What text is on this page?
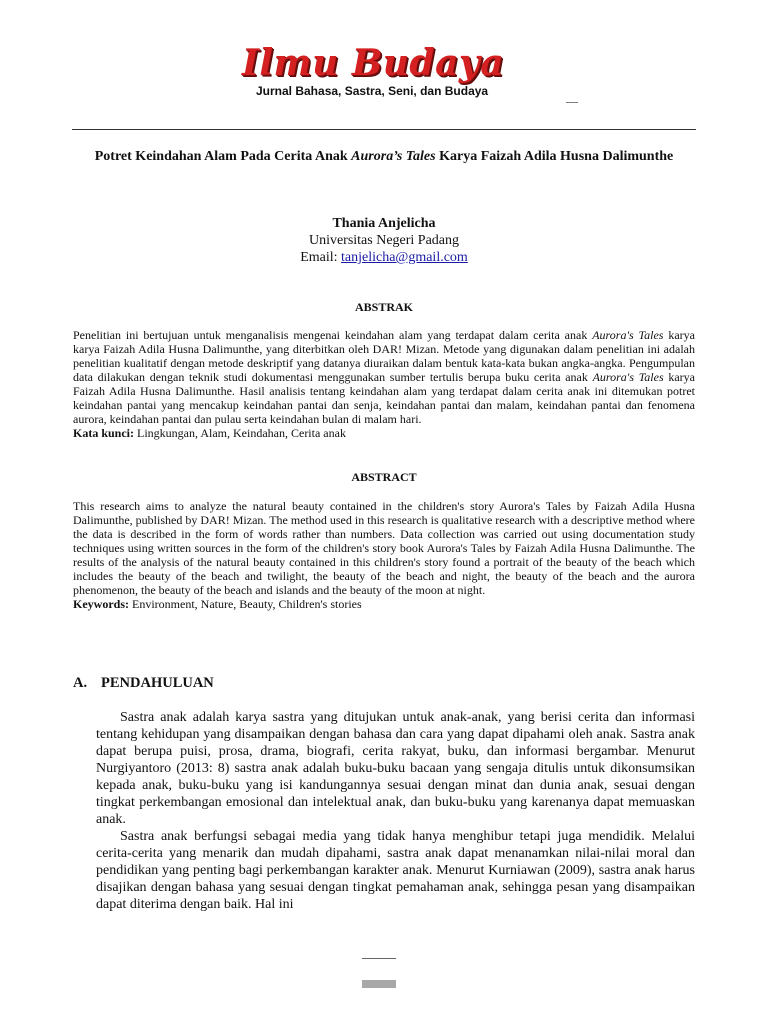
Ilmu Budaya
Jurnal Bahasa, Sastra, Seni, dan Budaya
—
Potret Keindahan Alam Pada Cerita Anak Aurora’s Tales Karya Faizah Adila Husna Dalimunthe
Thania Anjelicha
Universitas Negeri Padang
Email: tanjelicha@gmail.com
ABSTRAK
Penelitian ini bertujuan untuk menganalisis mengenai keindahan alam yang terdapat dalam cerita anak Aurora's Tales karya karya Faizah Adila Husna Dalimunthe, yang diterbitkan oleh DAR! Mizan. Metode yang digunakan dalam penelitian ini adalah penelitian kualitatif dengan metode deskriptif yang datanya diuraikan dalam bentuk kata-kata bukan angka-angka. Pengumpulan data dilakukan dengan teknik studi dokumentasi menggunakan sumber tertulis berupa buku cerita anak Aurora's Tales karya Faizah Adila Husna Dalimunthe. Hasil analisis tentang keindahan alam yang terdapat dalam cerita anak ini ditemukan potret keindahan pantai yang mencakup keindahan pantai dan senja, keindahan pantai dan malam, keindahan pantai dan fenomena aurora, keindahan pantai dan pulau serta keindahan bulan di malam hari.
Kata kunci: Lingkungan, Alam, Keindahan, Cerita anak
ABSTRACT
This research aims to analyze the natural beauty contained in the children's story Aurora's Tales by Faizah Adila Husna Dalimunthe, published by DAR! Mizan. The method used in this research is qualitative research with a descriptive method where the data is described in the form of words rather than numbers. Data collection was carried out using documentation study techniques using written sources in the form of the children's story book Aurora's Tales by Faizah Adila Husna Dalimunthe. The results of the analysis of the natural beauty contained in this children's story found a portrait of the beauty of the beach which includes the beauty of the beach and twilight, the beauty of the beach and night, the beauty of the beach and the aurora phenomenon, the beauty of the beach and islands and the beauty of the moon at night.
Keywords: Environment, Nature, Beauty, Children's stories
A. PENDAHULUAN

Sastra anak adalah karya sastra yang ditujukan untuk anak-anak, yang berisi cerita dan informasi tentang kehidupan yang disampaikan dengan bahasa dan cara yang dapat dipahami oleh anak. Sastra anak dapat berupa puisi, prosa, drama, biografi, cerita rakyat, buku, dan informasi bergambar. Menurut Nurgiyantoro (2013: 8) sastra anak adalah buku-buku bacaan yang sengaja ditulis untuk dikonsumsikan kepada anak, buku-buku yang isi kandungannya sesuai dengan minat dan dunia anak, sesuai dengan tingkat perkembangan emosional dan intelektual anak, dan buku-buku yang karenanya dapat memuaskan anak.

Sastra anak berfungsi sebagai media yang tidak hanya menghibur tetapi juga mendidik. Melalui cerita-cerita yang menarik dan mudah dipahami, sastra anak dapat menanamkan nilai-nilai moral dan pendidikan yang penting bagi perkembangan karakter anak. Menurut Kurniawan (2009), sastra anak harus disajikan dengan bahasa yang sesuai dengan tingkat pemahaman anak, sehingga pesan yang disampaikan dapat diterima dengan baik. Hal ini
